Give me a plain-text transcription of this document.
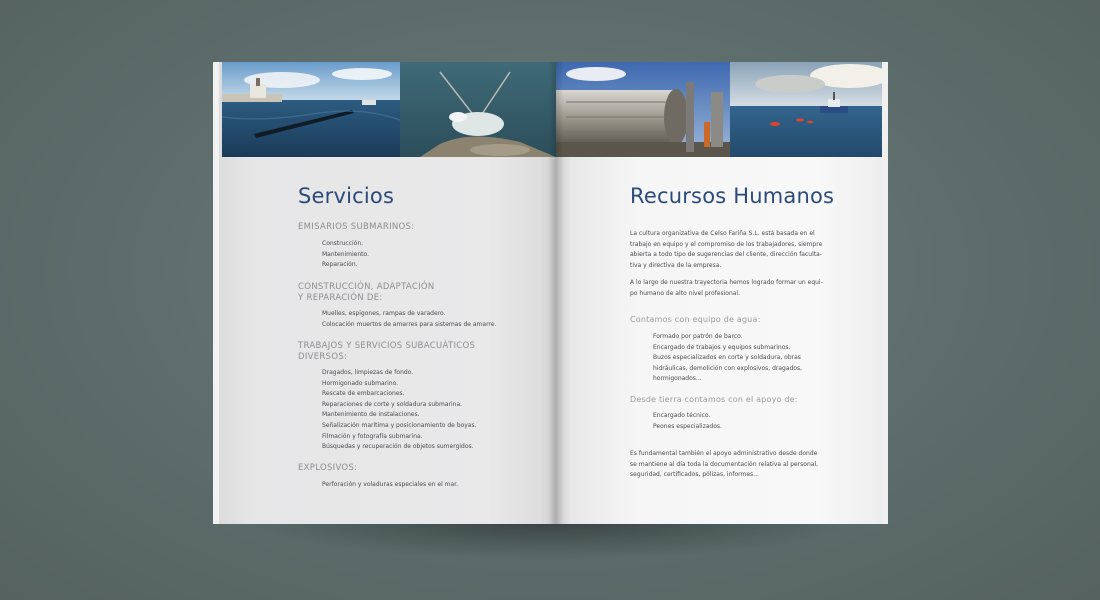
Servicios

EMISARIOS SUBMARINOS:

Construcción.
Mantenimiento.
Reparación.
CONSTRUCCIÓN, ADAPTACIÓN
Y REPARACIÓN DE:
Muelles, espigones, rampas de varadero.
Colocación muertos de amarres para sistemas de amarre.
TRABAJOS Y SERVICIOS SUBACUÁTICOS
DIVERSOS:
Dragados, limpiezas de fondo.
Hormigonado submarino.
Rescate de embarcaciones.
Reparaciones de corte y soldadura submarina.
Mantenimiento de instalaciones.
Señalización marítima y posicionamiento de boyas.
Filmación y fotografía submarina.
Búsquedas y recuperación de objetos sumergidos.

EXPLOSIVOS:

Perforación y voladuras especiales en el mar.
Recursos Humanos
La cultura organizativa de Celso Fariña S.L. está basada en el
trabajo en equipo y el compromiso de los trabajadores, siempre
abierta a todo tipo de sugerencias del cliente, dirección faculta-
tiva y directiva de la empresa.
A lo largo de nuestra trayectoria hemos logrado formar un equi-
po humano de alto nivel profesional.

Contamos con equipo de agua:

Formado por patrón de barco.
Encargado de trabajos y equipos submarinos.
Buzos especializados en corte y soldadura, obras
hidráulicas, demolición con explosivos, dragados,
hormigonados...

Desde tierra contamos con el apoyo de:

Encargado técnico.
Peones especializados.
Es fundamental también el apoyo administrativo desde donde
se mantiene al día toda la documentación relativa al personal,
seguridad, certificados, pólizas, informes...
